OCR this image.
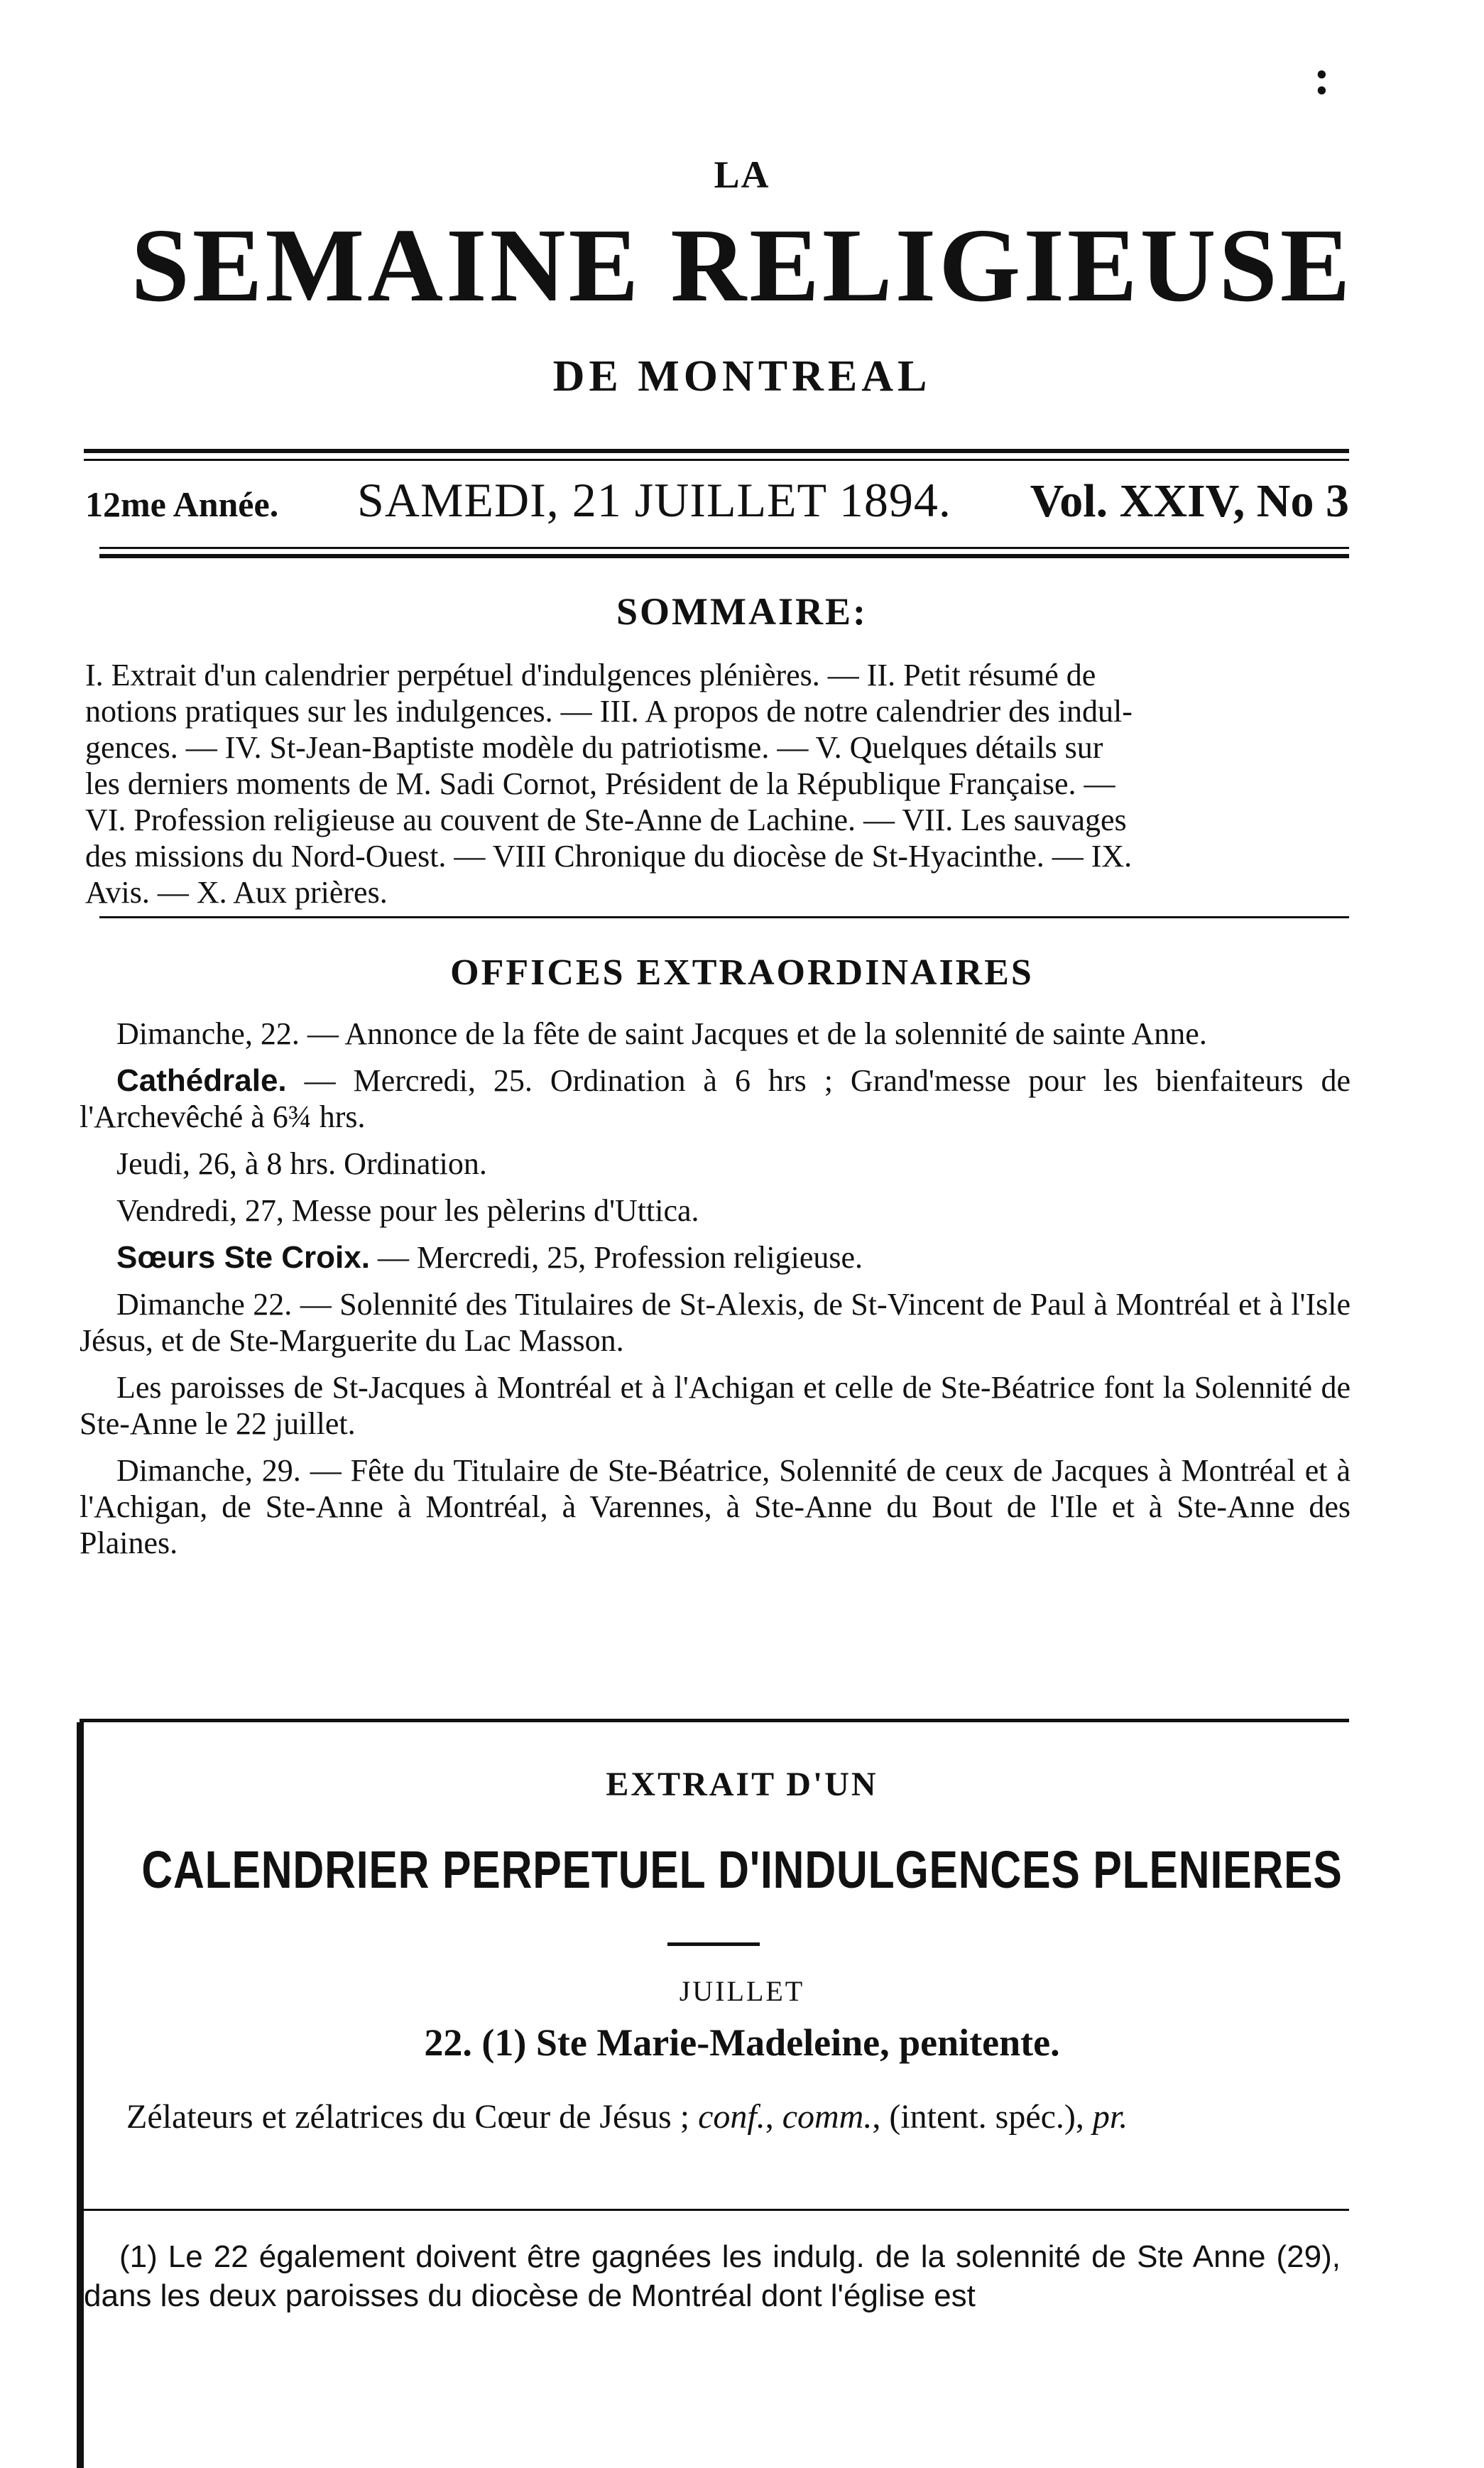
:
LA
SEMAINE RELIGIEUSE
DE MONTREAL
12me Année. SAMEDI, 21 JUILLET 1894. Vol. XXIV, No 3
SOMMAIRE:
I. Extrait d'un calendrier perpétuel d'indulgences plénières. — II. Petit résumé de
notions pratiques sur les indulgences. — III. A propos de notre calendrier des indul-
gences. — IV. St-Jean-Baptiste modèle du patriotisme. — V. Quelques détails sur
les derniers moments de M. Sadi Cornot, Président de la République Française. —
VI. Profession religieuse au couvent de Ste-Anne de Lachine. — VII. Les sauvages
des missions du Nord-Ouest. — VIII Chronique du diocèse de St-Hyacinthe. — IX.
Avis. — X. Aux prières.
OFFICES EXTRAORDINAIRES

Dimanche, 22. — Annonce de la fête de saint Jacques et de la solennité de sainte Anne.

Cathédrale. — Mercredi, 25. Ordination à 6 hrs ; Grand'messe pour les bienfaiteurs de l'Archevêché à 6¾ hrs.

Jeudi, 26, à 8 hrs. Ordination.

Vendredi, 27, Messe pour les pèlerins d'Uttica.

Sœurs Ste Croix. — Mercredi, 25, Profession religieuse.

Dimanche 22. — Solennité des Titulaires de St-Alexis, de St-Vincent de Paul à Montréal et à l'Isle Jésus, et de Ste-Marguerite du Lac Masson.

Les paroisses de St-Jacques à Montréal et à l'Achigan et celle de Ste-Béatrice font la Solennité de Ste-Anne le 22 juillet.

Dimanche, 29. — Fête du Titulaire de Ste-Béatrice, Solennité de ceux de Jacques à Montréal et à l'Achigan, de Ste-Anne à Montréal, à Varennes, à Ste-Anne du Bout de l'Ile et à Ste-Anne des Plaines.

EXTRAIT D'UN
CALENDRIER PERPETUEL D'INDULGENCES PLENIERES
JUILLET
22. (1) Ste Marie-Madeleine, penitente.
Zélateurs et zélatrices du Cœur de Jésus ; conf., comm., (intent. spéc.), pr.
(1) Le 22 également doivent être gagnées les indulg. de la solennité de Ste Anne (29), dans les deux paroisses du diocèse de Montréal dont l'église est
